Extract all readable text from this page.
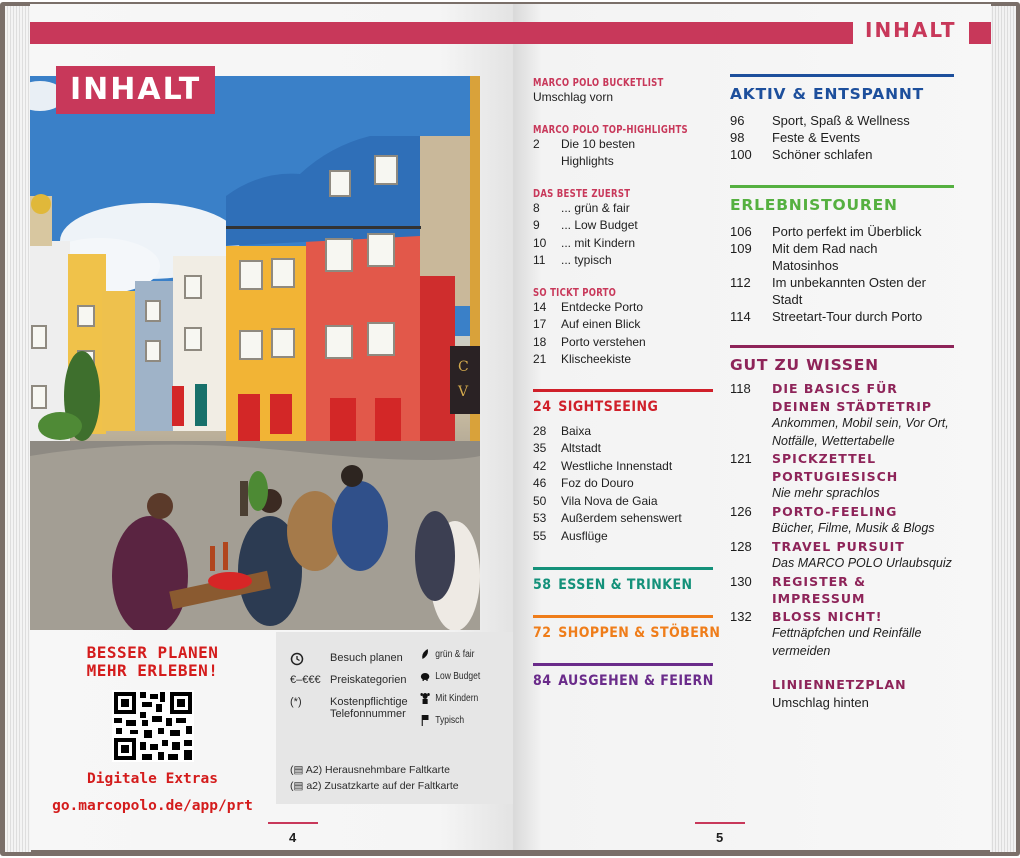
C
V
INHALT
BESSER PLANEN
MEHR ERLEBEN!
Digitale Extras
go.marcopolo.de/app/prt
Besuch planen
€–€€€ Preiskategorien
(*)	Kostenpflichtige Telefonnummer
grün & fair
Low Budget
Mit Kindern
Typisch
(▤ A2) Herausnehmbare Faltkarte
(▤ a2) Zusatzkarte auf der Faltkarte
4
INHALT
MARCO POLO BUCKETLIST
Umschlag vorn
MARCO POLO TOP-HIGHLIGHTS
2	Die 10 besten
Highlights
DAS BESTE ZUERST
8	... grün & fair
9	... Low Budget
10	... mit Kindern
11	... typisch
SO TICKT PORTO
14	Entdecke Porto
17	Auf einen Blick
18	Porto verstehen
21	Klischeekiste
24 SIGHTSEEING
28	Baixa
35	Altstadt
42	Westliche Innenstadt
46	Foz do Douro
50	Vila Nova de Gaia
53	Außerdem sehenswert
55	Ausflüge
58 ESSEN & TRINKEN
72 SHOPPEN & STÖBERN
84 AUSGEHEN & FEIERN
AKTIV & ENTSPANNT
96	Sport, Spaß & Wellness
98	Feste & Events
100	Schöner schlafen
ERLEBNISTOUREN
106	Porto perfekt im Überblick
109	Mit dem Rad nach Matosinhos
112	Im unbekannten Osten der Stadt
114	Streetart-Tour durch Porto
GUT ZU WISSEN
118	DIE BASICS FÜR DEINEN STÄDTETRIP
Ankommen, Mobil sein, Vor Ort, Notfälle, Wettertabelle
121	SPICKZETTEL PORTUGIESISCH
Nie mehr sprachlos
126	PORTO-FEELING
Bücher, Filme, Musik & Blogs
128	TRAVEL PURSUIT
Das MARCO POLO Urlaubsquiz
130	REGISTER & IMPRESSUM
132	BLOSS NICHT!
Fettnäpfchen und Reinfälle vermeiden
LINIENNETZPLAN
Umschlag hinten
5
